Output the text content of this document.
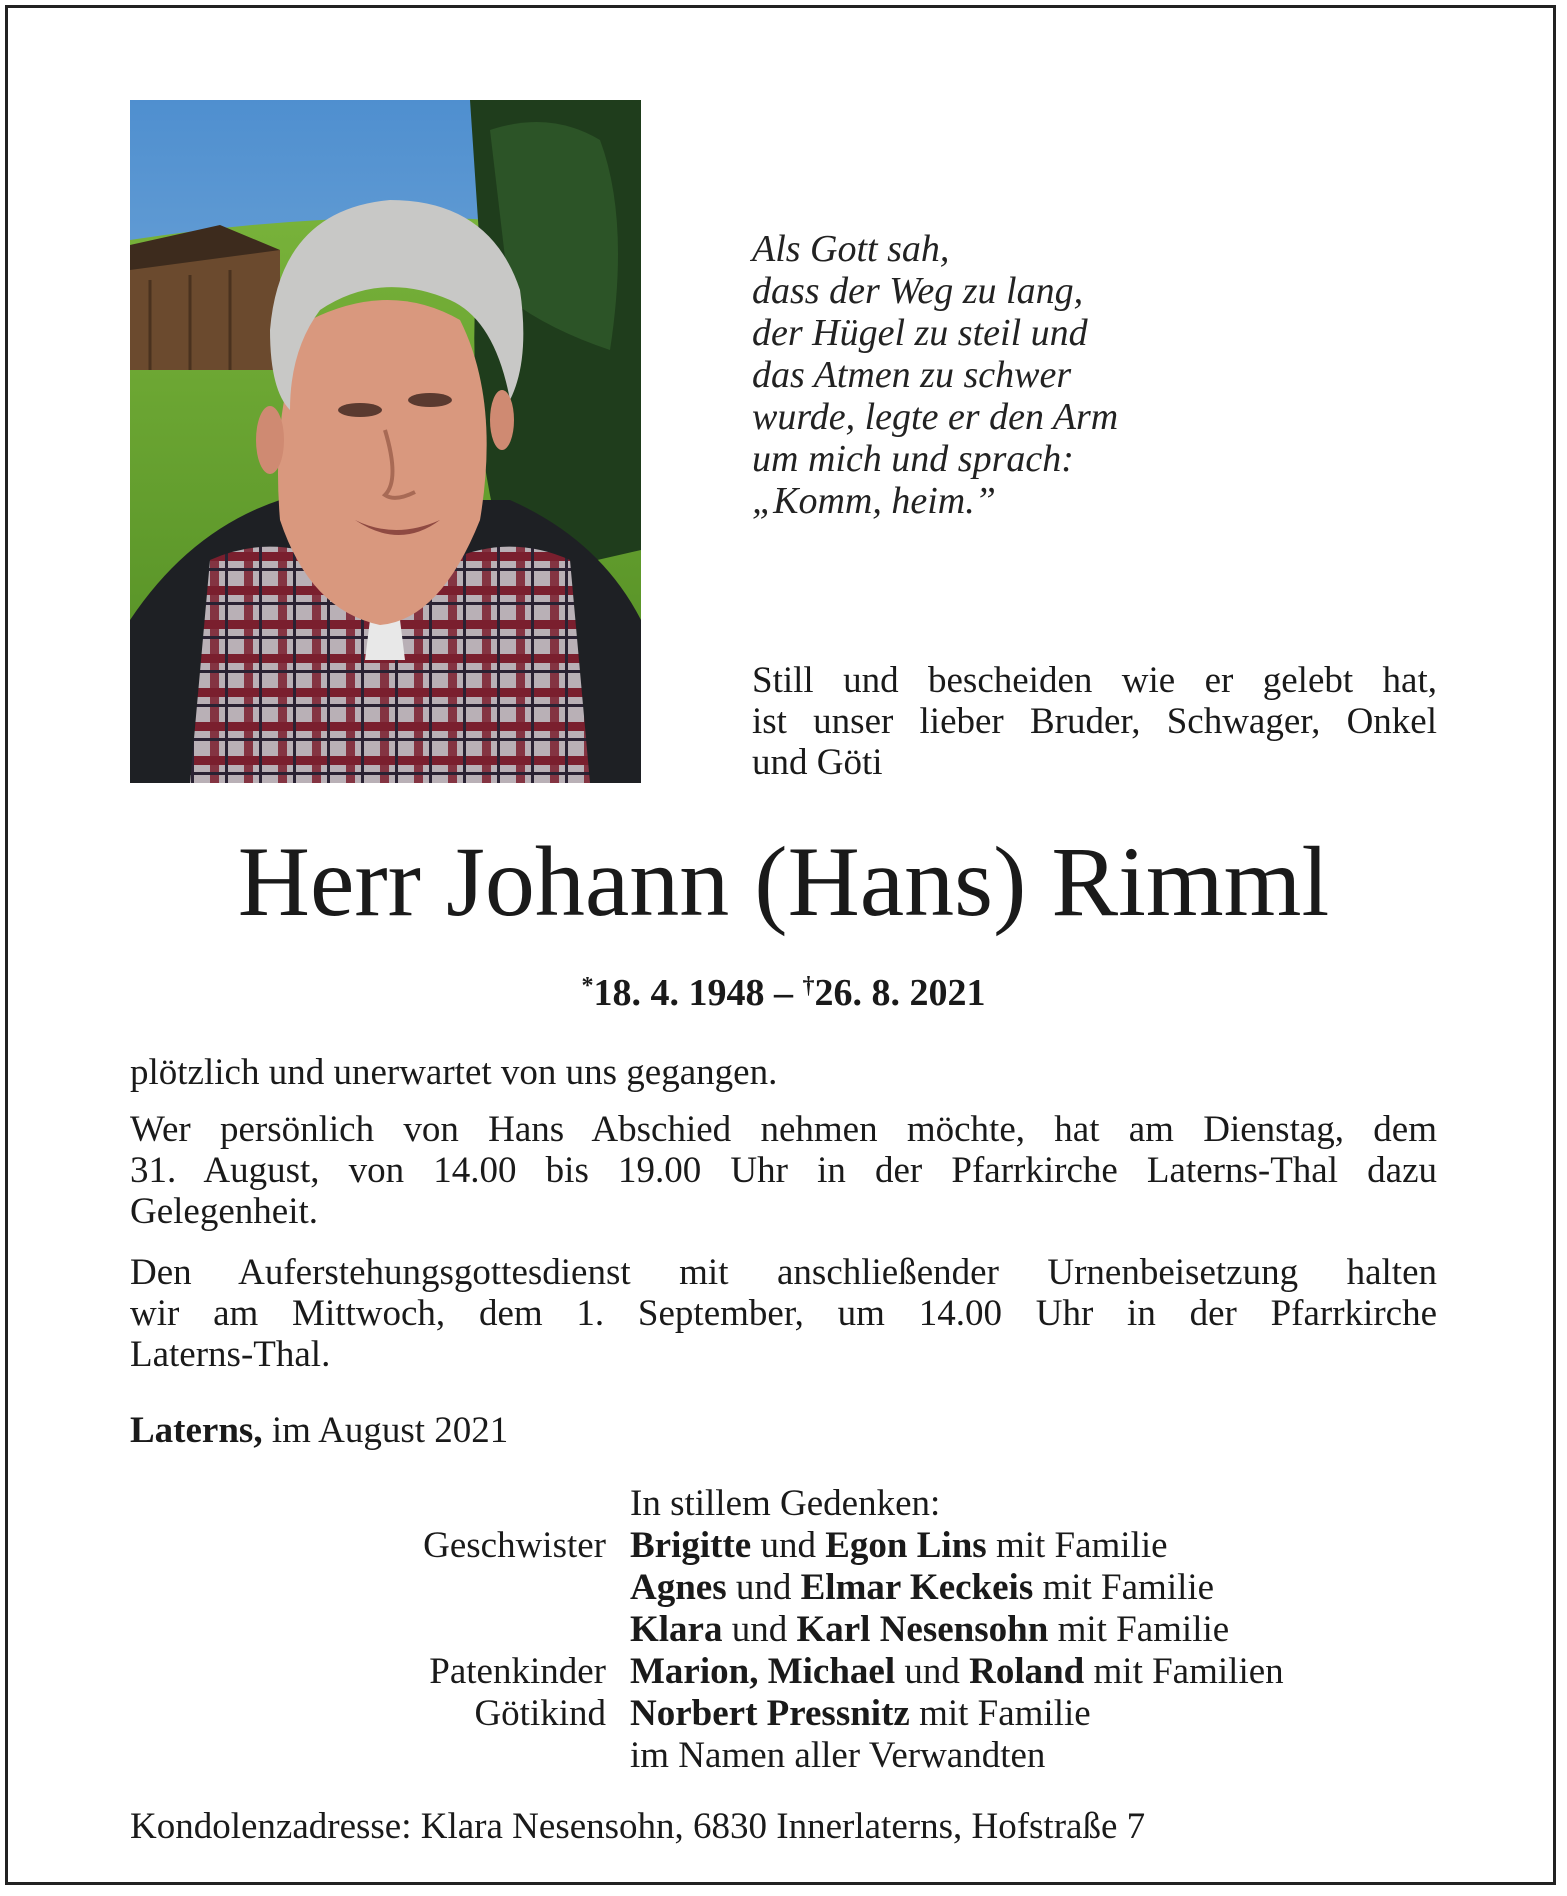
Als Gott sah,
dass der Weg zu lang,
der Hügel zu steil und
das Atmen zu schwer
wurde, legte er den Arm
um mich und sprach:
„Komm, heim.”
Still und bescheiden wie er gelebt hat,
ist unser lieber Bruder, Schwager, Onkel
und Göti
Herr Johann (Hans) Rimml
*18. 4. 1948 – †26. 8. 2021
plötzlich und unerwartet von uns gegangen.
Wer persönlich von Hans Abschied nehmen möchte, hat am Dienstag, dem
31. August, von 14.00 bis 19.00 Uhr in der Pfarrkirche Laterns-Thal dazu
Gelegenheit.
Den Auferstehungsgottesdienst mit anschließender Urnenbeisetzung halten
wir am Mittwoch, dem 1. September, um 14.00 Uhr in der Pfarrkirche
Laterns-Thal.
Laterns, im August 2021
In stillem Gedenken:
Geschwister Brigitte und Egon Lins mit Familie
Agnes und Elmar Keckeis mit Familie
Klara und Karl Nesensohn mit Familie
Patenkinder Marion, Michael und Roland mit Familien
Götikind Norbert Pressnitz mit Familie
im Namen aller Verwandten
Kondolenzadresse: Klara Nesensohn, 6830 Innerlaterns, Hofstraße 7
